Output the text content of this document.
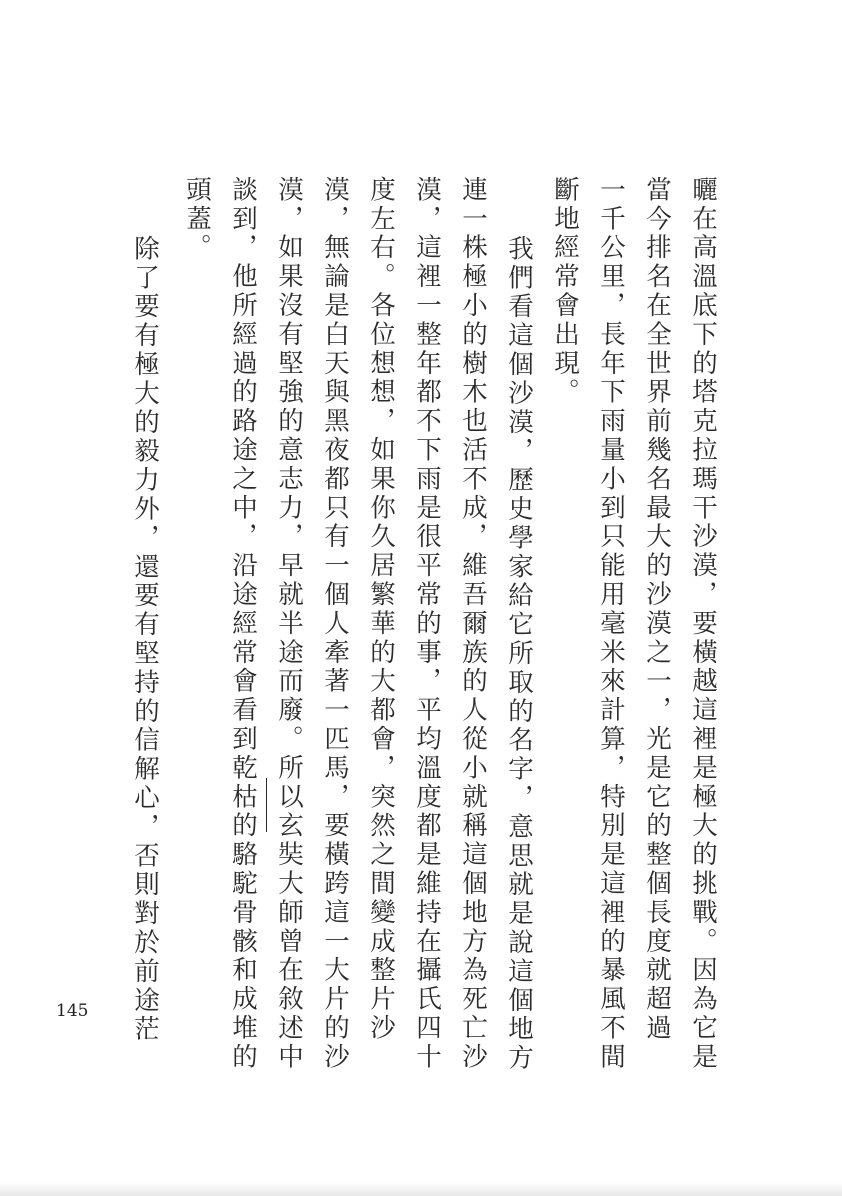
曬在高溫底下的塔克拉瑪干沙漠，要橫越這裡是極大的挑戰。因為它是
當今排名在全世界前幾名最大的沙漠之一，光是它的整個長度就超過
一千公里，長年下雨量小到只能用毫米來計算，特別是這裡的暴風不間
斷地經常會出現。
我們看這個沙漠，歷史學家給它所取的名字，意思就是說這個地方
連一株極小的樹木也活不成，維吾爾族的人從小就稱這個地方為死亡沙
漠，這裡一整年都不下雨是很平常的事，平均溫度都是維持在攝氏四十
度左右。各位想想，如果你久居繁華的大都會，突然之間變成整片沙
漠，無論是白天與黑夜都只有一個人牽著一匹馬，要橫跨這一大片的沙
漠，如果沒有堅強的意志力，早就半途而廢。所以玄奘大師曾在敘述中
談到，他所經過的路途之中，沿途經常會看到乾枯的駱駝骨骸和成堆的
頭蓋。
除了要有極大的毅力外，還要有堅持的信解心，否則對於前途茫
145
